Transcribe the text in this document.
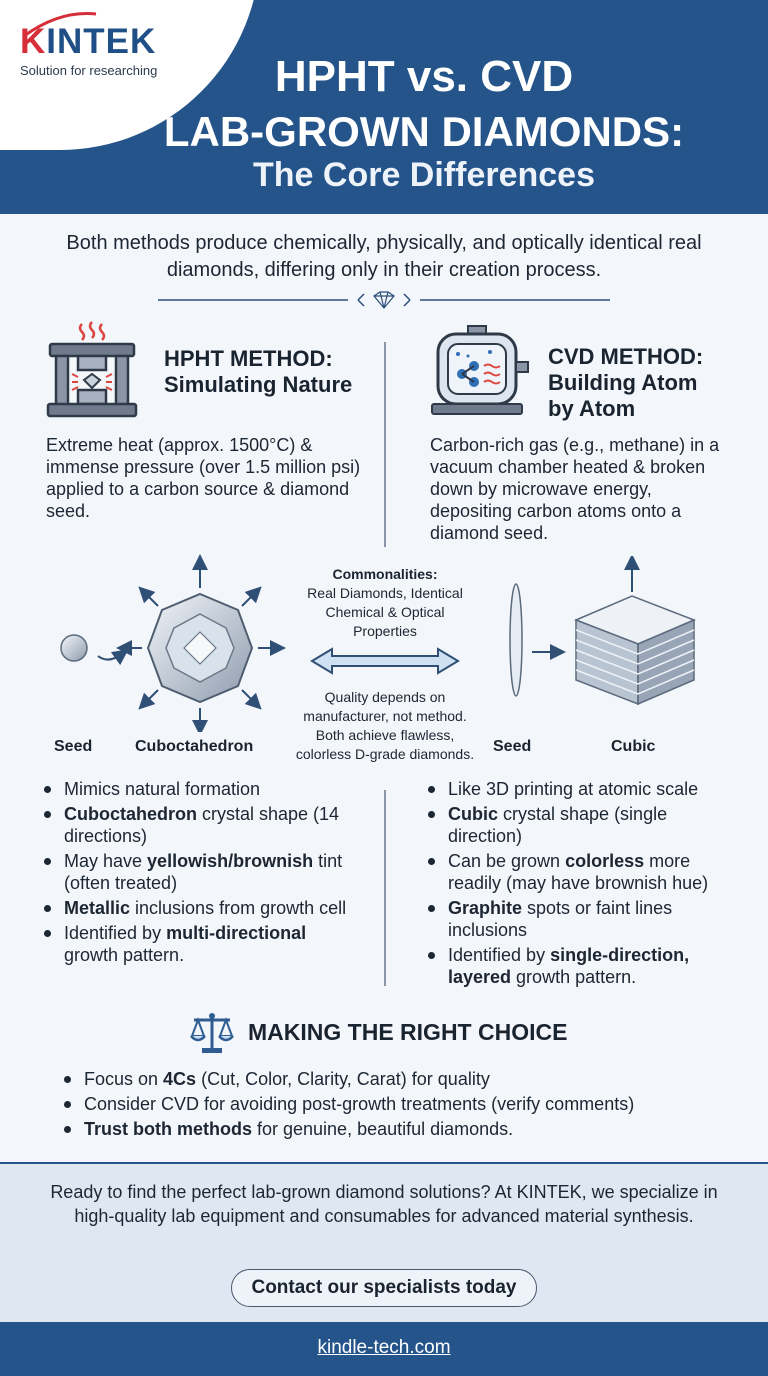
KINTEK
Solution for researching	HPHT vs. CVD
LAB-GROWN DIAMONDS:
The Core Differences
Both methods produce chemically, physically, and optically identical real diamonds, differing only in their creation process.
HPHT METHOD:
Simulating Nature
Extreme heat (approx. 1500°C) & immense pressure (over 1.5 million psi) applied to a carbon source & diamond seed.
CVD METHOD:
Building Atom
by Atom
Carbon-rich gas (e.g., methane) in a vacuum chamber heated & broken down by microwave energy, depositing carbon atoms onto a diamond seed.
Seed	Cuboctahedron
Commonalities:
Real Diamonds, Identical Chemical & Optical Properties
Quality depends on manufacturer, not method. Both achieve flawless, colorless D-grade diamonds.	Seed	Cubic
Mimics natural formation
Cuboctahedron crystal shape (14 directions)
May have yellowish/brownish tint (often treated)
Metallic inclusions from growth cell
Identified by multi-directional growth pattern.
Like 3D printing at atomic scale
Cubic crystal shape (single direction)
Can be grown colorless more readily (may have brownish hue)
Graphite spots or faint lines inclusions
Identified by single-direction, layered growth pattern.
MAKING THE RIGHT CHOICE
Focus on 4Cs (Cut, Color, Clarity, Carat) for quality
Consider CVD for avoiding post-growth treatments (verify comments)
Trust both methods for genuine, beautiful diamonds.
Ready to find the perfect lab-grown diamond solutions? At KINTEK, we specialize in high-quality lab equipment and consumables for advanced material synthesis.
Contact our specialists today
kindle-tech.com
